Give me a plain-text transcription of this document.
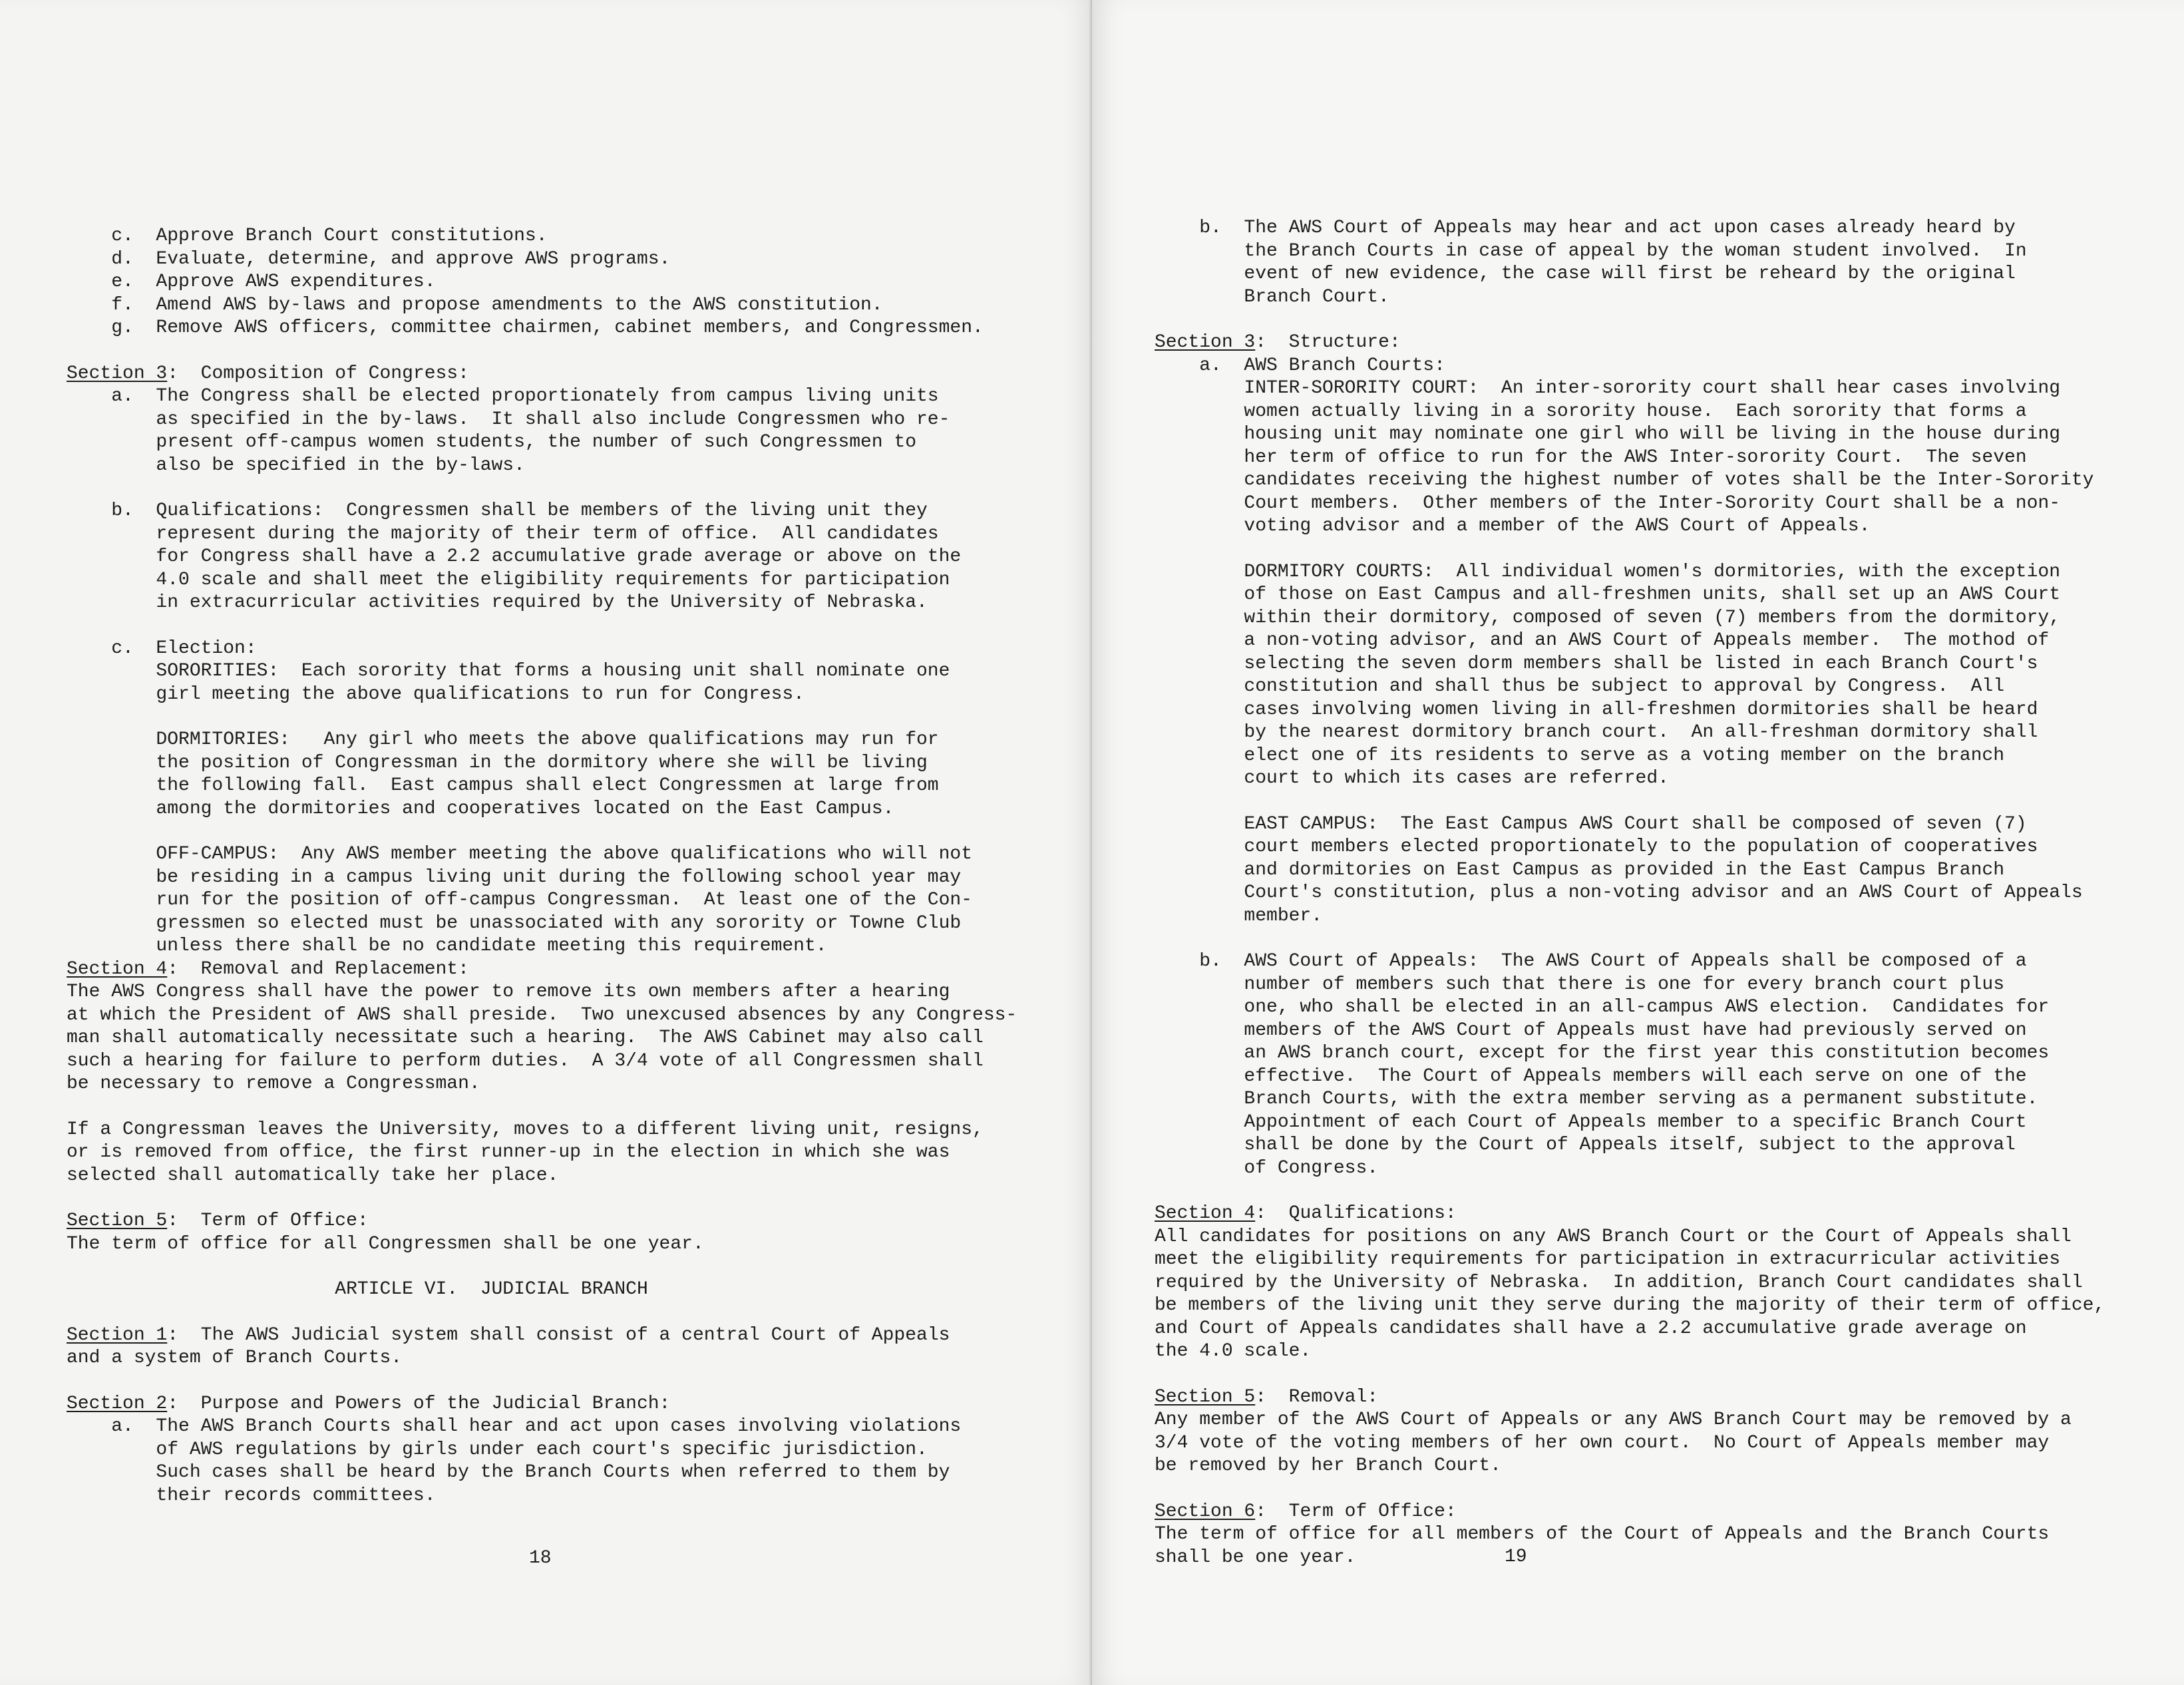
c.  Approve Branch Court constitutions.
d.  Evaluate, determine, and approve AWS programs.
e.  Approve AWS expenditures.
f.  Amend AWS by-laws and propose amendments to the AWS constitution.
g.  Remove AWS officers, committee chairmen, cabinet members, and Congressmen.
Section 3:  Composition of Congress:
a.  The Congress shall be elected proportionately from campus living units
as specified in the by-laws.  It shall also include Congressmen who re-
present off-campus women students, the number of such Congressmen to
also be specified in the by-laws.
b.  Qualifications:  Congressmen shall be members of the living unit they
represent during the majority of their term of office.  All candidates
for Congress shall have a 2.2 accumulative grade average or above on the
4.0 scale and shall meet the eligibility requirements for participation
in extracurricular activities required by the University of Nebraska.
c.  Election:
SORORITIES:  Each sorority that forms a housing unit shall nominate one
girl meeting the above qualifications to run for Congress.
DORMITORIES:   Any girl who meets the above qualifications may run for
the position of Congressman in the dormitory where she will be living
the following fall.  East campus shall elect Congressmen at large from
among the dormitories and cooperatives located on the East Campus.
OFF-CAMPUS:  Any AWS member meeting the above qualifications who will not
be residing in a campus living unit during the following school year may
run for the position of off-campus Congressman.  At least one of the Con-
gressmen so elected must be unassociated with any sorority or Towne Club
unless there shall be no candidate meeting this requirement.
Section 4:  Removal and Replacement:
The AWS Congress shall have the power to remove its own members after a hearing
at which the President of AWS shall preside.  Two unexcused absences by any Congress-
man shall automatically necessitate such a hearing.  The AWS Cabinet may also call
such a hearing for failure to perform duties.  A 3/4 vote of all Congressmen shall
be necessary to remove a Congressman.
If a Congressman leaves the University, moves to a different living unit, resigns,
or is removed from office, the first runner-up in the election in which she was
selected shall automatically take her place.
Section 5:  Term of Office:
The term of office for all Congressmen shall be one year.
ARTICLE VI.  JUDICIAL BRANCH
Section 1:  The AWS Judicial system shall consist of a central Court of Appeals
and a system of Branch Courts.
Section 2:  Purpose and Powers of the Judicial Branch:
a.  The AWS Branch Courts shall hear and act upon cases involving violations
of AWS regulations by girls under each court's specific jurisdiction.
Such cases shall be heard by the Branch Courts when referred to them by
their records committees.
18
b.  The AWS Court of Appeals may hear and act upon cases already heard by
the Branch Courts in case of appeal by the woman student involved.  In
event of new evidence, the case will first be reheard by the original
Branch Court.
Section 3:  Structure:
a.  AWS Branch Courts:
INTER-SORORITY COURT:  An inter-sorority court shall hear cases involving
women actually living in a sorority house.  Each sorority that forms a
housing unit may nominate one girl who will be living in the house during
her term of office to run for the AWS Inter-sorority Court.  The seven
candidates receiving the highest number of votes shall be the Inter-Sorority
Court members.  Other members of the Inter-Sorority Court shall be a non-
voting advisor and a member of the AWS Court of Appeals.
DORMITORY COURTS:  All individual women's dormitories, with the exception
of those on East Campus and all-freshmen units, shall set up an AWS Court
within their dormitory, composed of seven (7) members from the dormitory,
a non-voting advisor, and an AWS Court of Appeals member.  The mothod of
selecting the seven dorm members shall be listed in each Branch Court's
constitution and shall thus be subject to approval by Congress.  All
cases involving women living in all-freshmen dormitories shall be heard
by the nearest dormitory branch court.  An all-freshman dormitory shall
elect one of its residents to serve as a voting member on the branch
court to which its cases are referred.
EAST CAMPUS:  The East Campus AWS Court shall be composed of seven (7)
court members elected proportionately to the population of cooperatives
and dormitories on East Campus as provided in the East Campus Branch
Court's constitution, plus a non-voting advisor and an AWS Court of Appeals
member.
b.  AWS Court of Appeals:  The AWS Court of Appeals shall be composed of a
number of members such that there is one for every branch court plus
one, who shall be elected in an all-campus AWS election.  Candidates for
members of the AWS Court of Appeals must have had previously served on
an AWS branch court, except for the first year this constitution becomes
effective.  The Court of Appeals members will each serve on one of the
Branch Courts, with the extra member serving as a permanent substitute.
Appointment of each Court of Appeals member to a specific Branch Court
shall be done by the Court of Appeals itself, subject to the approval
of Congress.
Section 4:  Qualifications:
All candidates for positions on any AWS Branch Court or the Court of Appeals shall
meet the eligibility requirements for participation in extracurricular activities
required by the University of Nebraska.  In addition, Branch Court candidates shall
be members of the living unit they serve during the majority of their term of office,
and Court of Appeals candidates shall have a 2.2 accumulative grade average on
the 4.0 scale.
Section 5:  Removal:
Any member of the AWS Court of Appeals or any AWS Branch Court may be removed by a
3/4 vote of the voting members of her own court.  No Court of Appeals member may
be removed by her Branch Court.
Section 6:  Term of Office:
The term of office for all members of the Court of Appeals and the Branch Courts
shall be one year.	19
